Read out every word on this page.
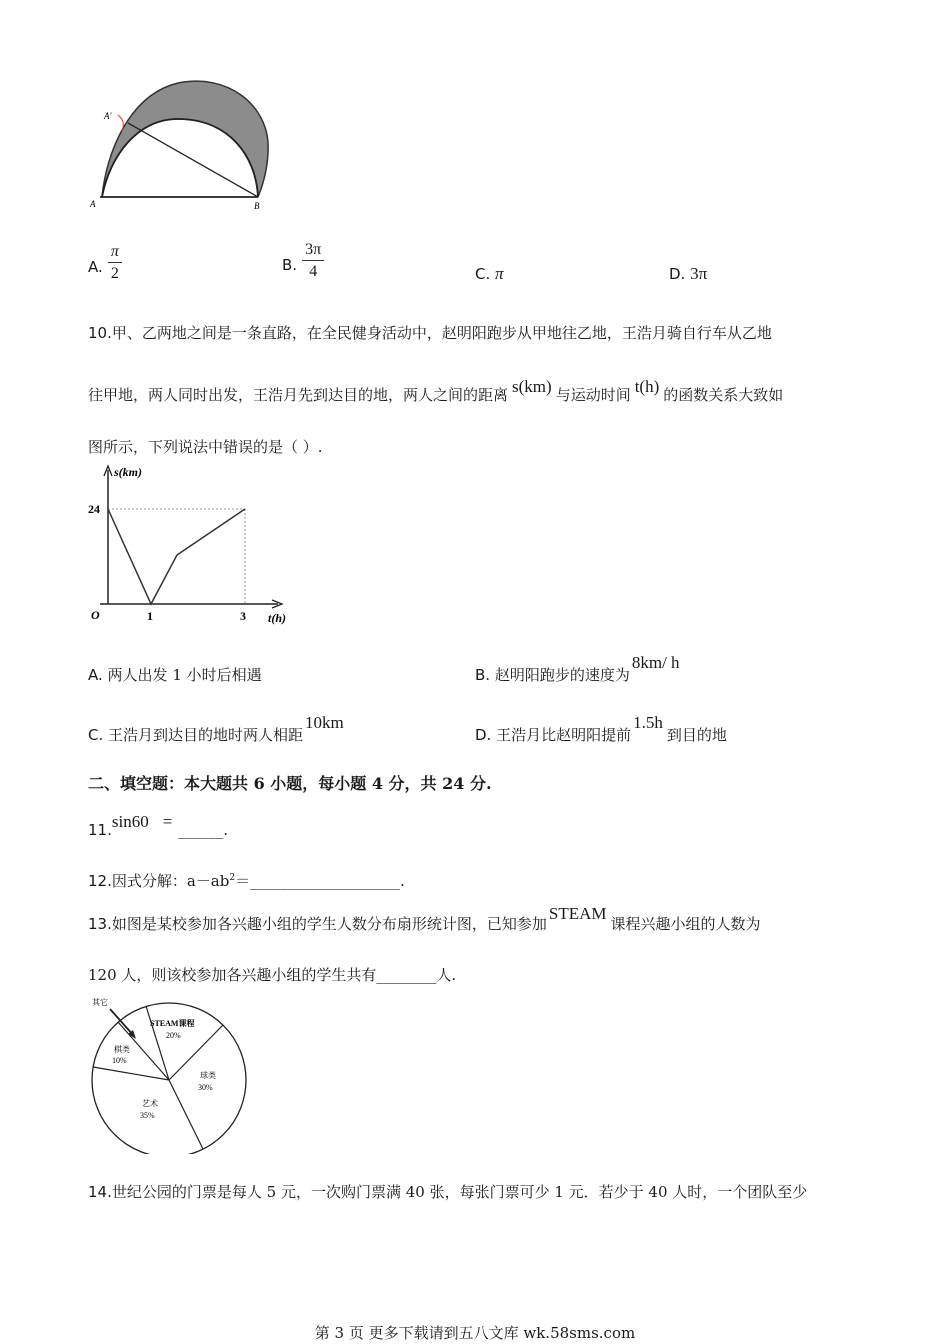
A'
A	B
A. $\frac{\pi}{2}$	B. $\frac{3\pi}{4}$	C. π	D. 3π
10.甲、乙两地之间是一条直路，在全民健身活动中，赵明阳跑步从甲地往乙地，王浩月骑自行车从乙地
往甲地，两人同时出发，王浩月先到达目的地，两人之间的距离 s(km) 与运动时间 t(h) 的函数关系大致如
图所示，下列说法中错误的是（ ）.
s(km)
t(h)
O
24
1	3
A. 两人出发 1 小时后相遇	B. 赵明阳跑步的速度为8km/ h
C. 王浩月到达目的地时两人相距10km
D. 王浩月比赵明阳提前1.5h到目的地
二、填空题：本大题共 6 小题，每小题 4 分，共 24 分.
11.sin60 = ______.
12.因式分解：$a-ab^2=\_\_\_\_\_\_\_\_\_\_\_\_\_\_\_\_\_\_\_\_$.
13.如图是某校参加各兴趣小组的学生人数分布扇形统计图，已知参加STEAM课程兴趣小组的人数为
120 人，则该校参加各兴趣小组的学生共有________人.
其它
STEAM课程
20%
棋类
10%
球类
30%
艺术
35%
14.世纪公园的门票是每人 5 元，一次购门票满 40 张，每张门票可少 1 元．若少于 40 人时，一个团队至少
第 3 页 更多下载请到五八文库 wk.58sms.com
